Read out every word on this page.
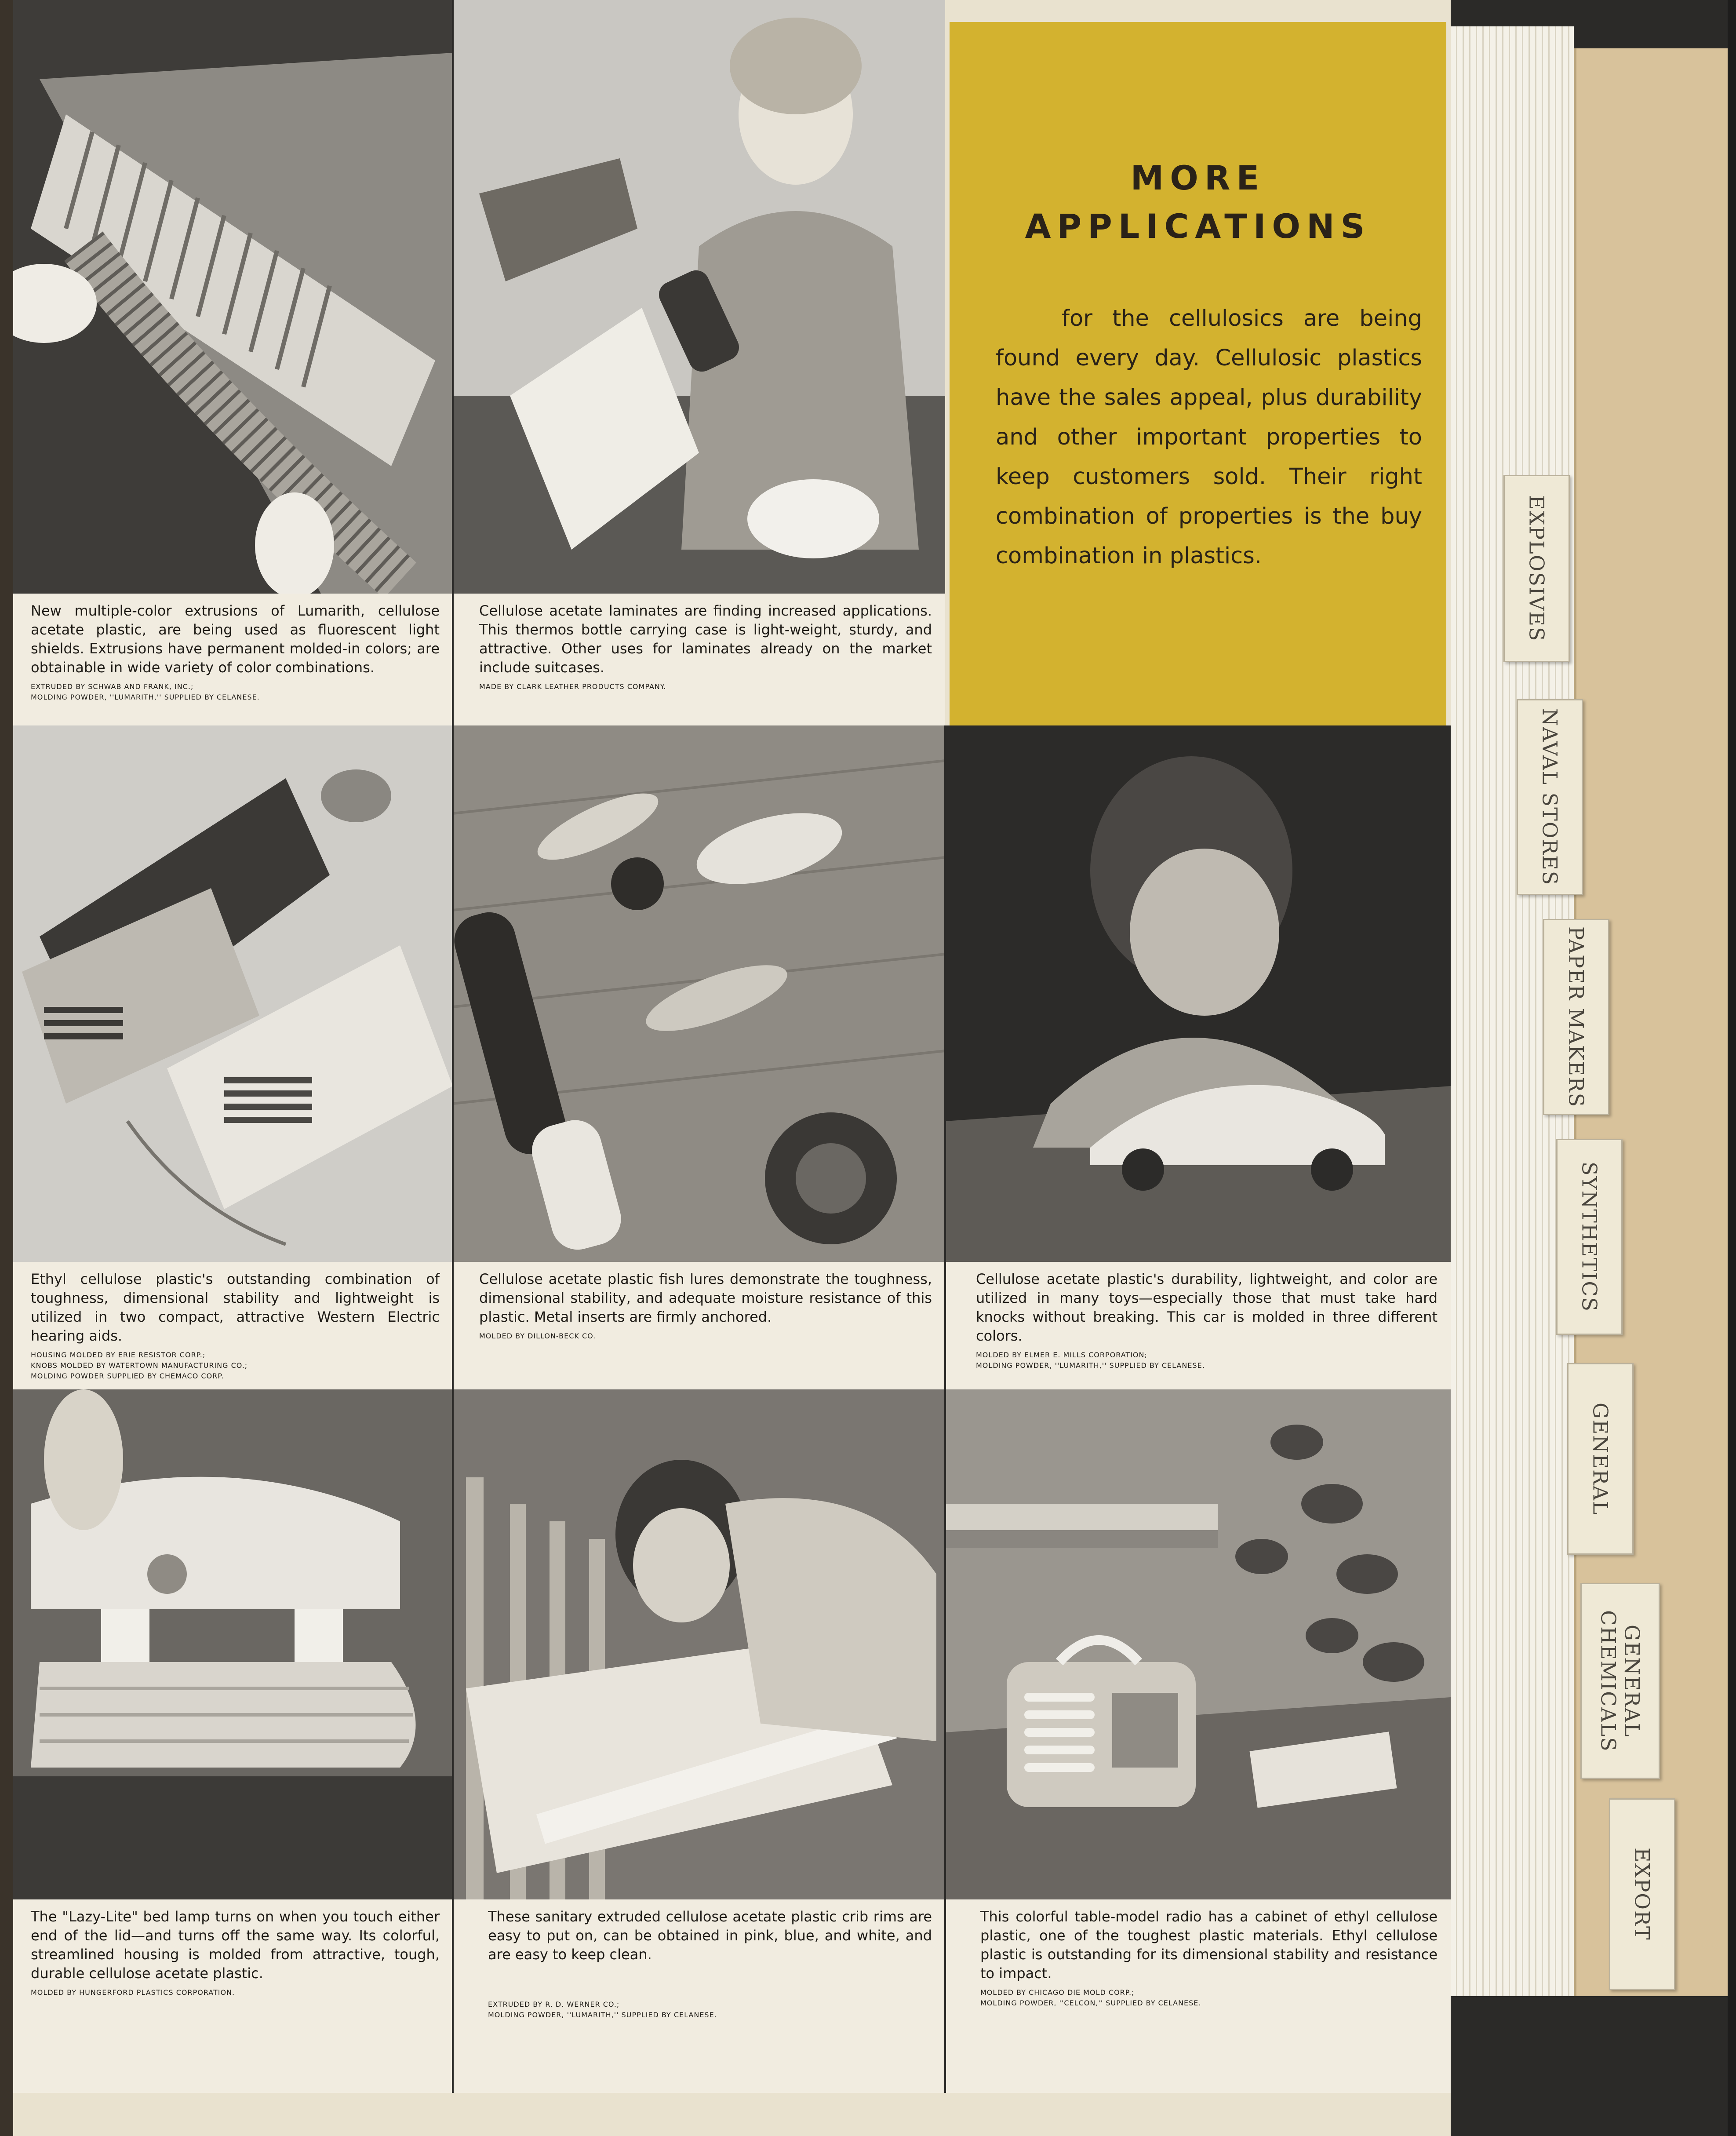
New multiple-color extrusions of Lumarith, cellulose acetate plastic, are being used as fluorescent light shields. Extrusions have permanent molded-in colors; are obtainable in wide variety of color combinations.

EXTRUDED BY SCHWAB AND FRANK, INC.;

MOLDING POWDER, ''LUMARITH,'' SUPPLIED BY CELANESE.

Cellulose acetate laminates are finding increased applications. This thermos bottle carrying case is light-weight, sturdy, and attractive. Other uses for laminates already on the market include suitcases.

MADE BY CLARK LEATHER PRODUCTS COMPANY.

MORE
APPLICATIONS

for the cellulosics are being found every day. Cellulosic plastics have the sales appeal, plus durability and other important properties to keep customers sold. Their right combination of properties is the buy combination in plastics.

Ethyl cellulose plastic's outstanding combination of toughness, dimensional stability and lightweight is utilized in two compact, attractive Western Electric hearing aids.

HOUSING MOLDED BY ERIE RESISTOR CORP.;

KNOBS MOLDED BY WATERTOWN MANUFACTURING CO.;

MOLDING POWDER SUPPLIED BY CHEMACO CORP.

Cellulose acetate plastic fish lures demonstrate the toughness, dimensional stability, and adequate moisture resistance of this plastic. Metal inserts are firmly anchored.

MOLDED BY DILLON-BECK CO.

Cellulose acetate plastic's durability, lightweight, and color are utilized in many toys—especially those that must take hard knocks without breaking. This car is molded in three different colors.

MOLDED BY ELMER E. MILLS CORPORATION;

MOLDING POWDER, ''LUMARITH,'' SUPPLIED BY CELANESE.

The "Lazy-Lite" bed lamp turns on when you touch either end of the lid—and turns off the same way. Its colorful, streamlined housing is molded from attractive, tough, durable cellulose acetate plastic.

MOLDED BY HUNGERFORD PLASTICS CORPORATION.

These sanitary extruded cellulose acetate plastic crib rims are easy to put on, can be obtained in pink, blue, and white, and are easy to keep clean.

EXTRUDED BY R. D. WERNER CO.;

MOLDING POWDER, ''LUMARITH,'' SUPPLIED BY CELANESE.

This colorful table-model radio has a cabinet of ethyl cellulose plastic, one of the toughest plastic materials. Ethyl cellulose plastic is outstanding for its dimensional stability and resistance to impact.

MOLDED BY CHICAGO DIE MOLD CORP.;

MOLDING POWDER, ''CELCON,'' SUPPLIED BY CELANESE.

EXPLOSIVES
NAVAL STORES
PAPER MAKERS
SYNTHETICS
GENERAL
GENERAL
CHEMICALS
EXPORT
